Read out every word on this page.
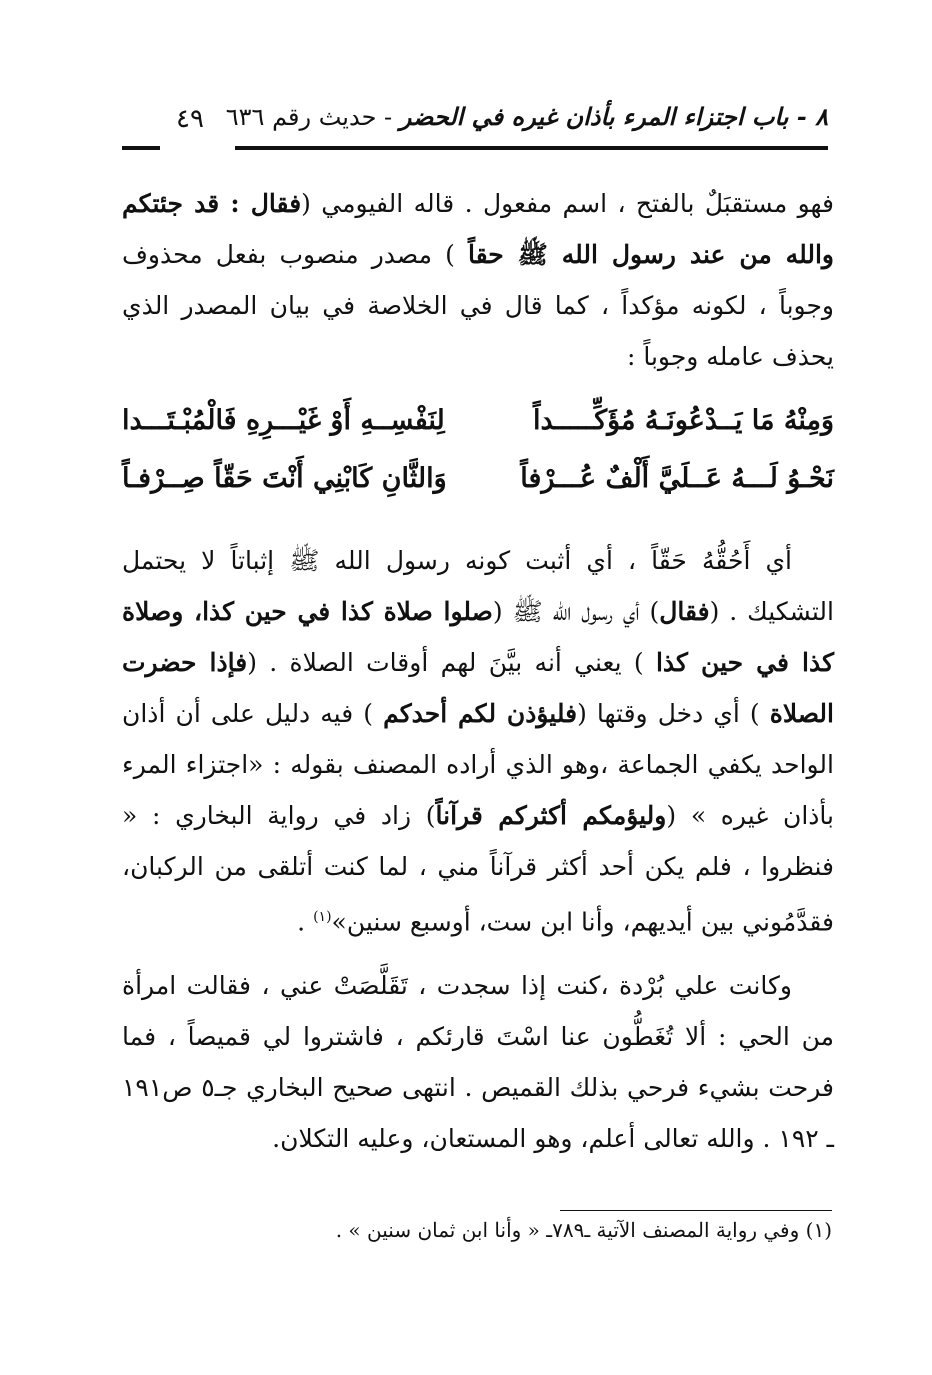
٨ - باب اجتزاء المرء بأذان غيره في الحضر - حديث رقم ٦٣٦
٤٩

فهو مستقبَلٌ بالفتح ، اسم مفعول . قاله الفيومي (فقال : قد جئتكم والله من عند رسول الله ﷺ حقاً ) مصدر منصوب بفعل محذوف وجوباً ، لكونه مؤكداً ، كما قال في الخلاصة في بيان المصدر الذي يحذف عامله وجوباً :

وَمِنْهُ مَا يَــدْعُونَـهُ مُؤَكِّـــــداً
لِنَفْسِــهِ أَوْ غَيْـــرِهِ فَالْمُبْـتَـــدا
نَحْـوُ لَـــهُ عَــلَيَّ أَلْفٌ عُـــرْفاً
وَالثَّانِ كَابْنِي أَنْتَ حَقّاً صِــرْفـاً

أي أَحُقُّهُ حَقّاً ، أي أثبت كونه رسول الله ﷺ إثباتاً لا يحتمل التشكيك . (فقال) أي رسول الله ﷺ (صلوا صلاة كذا في حين كذا، وصلاة كذا في حين كذا ) يعني أنه بيَّنَ لهم أوقات الصلاة . (فإذا حضرت الصلاة ) أي دخل وقتها (فليؤذن لكم أحدكم ) فيه دليل على أن أذان الواحد يكفي الجماعة ،وهو الذي أراده المصنف بقوله : «اجتزاء المرء بأذان غيره » (وليؤمكم أكثركم قرآناً) زاد في رواية البخاري : « فنظروا ، فلم يكن أحد أكثر قرآناً مني ، لما كنت أتلقى من الركبان، فقدَّمُوني بين أيديهم، وأنا ابن ست، أوسبع سنين»$^{(١)}$ .

وكانت علي بُرْدة ،كنت إذا سجدت ، تَقَلَّصَتْ عني ، فقالت امرأة من الحي : ألا تُغَطُّون عنا اسْتَ قارئكم ، فاشتروا لي قميصاً ، فما فرحت بشيء فرحي بذلك القميص . انتهى صحيح البخاري جـ٥ ص١٩١ ـ ١٩٢ . والله تعالى أعلم، وهو المستعان، وعليه التكلان.

(١) وفي رواية المصنف الآتية ـ٧٨٩ـ « وأنا ابن ثمان سنين » .
